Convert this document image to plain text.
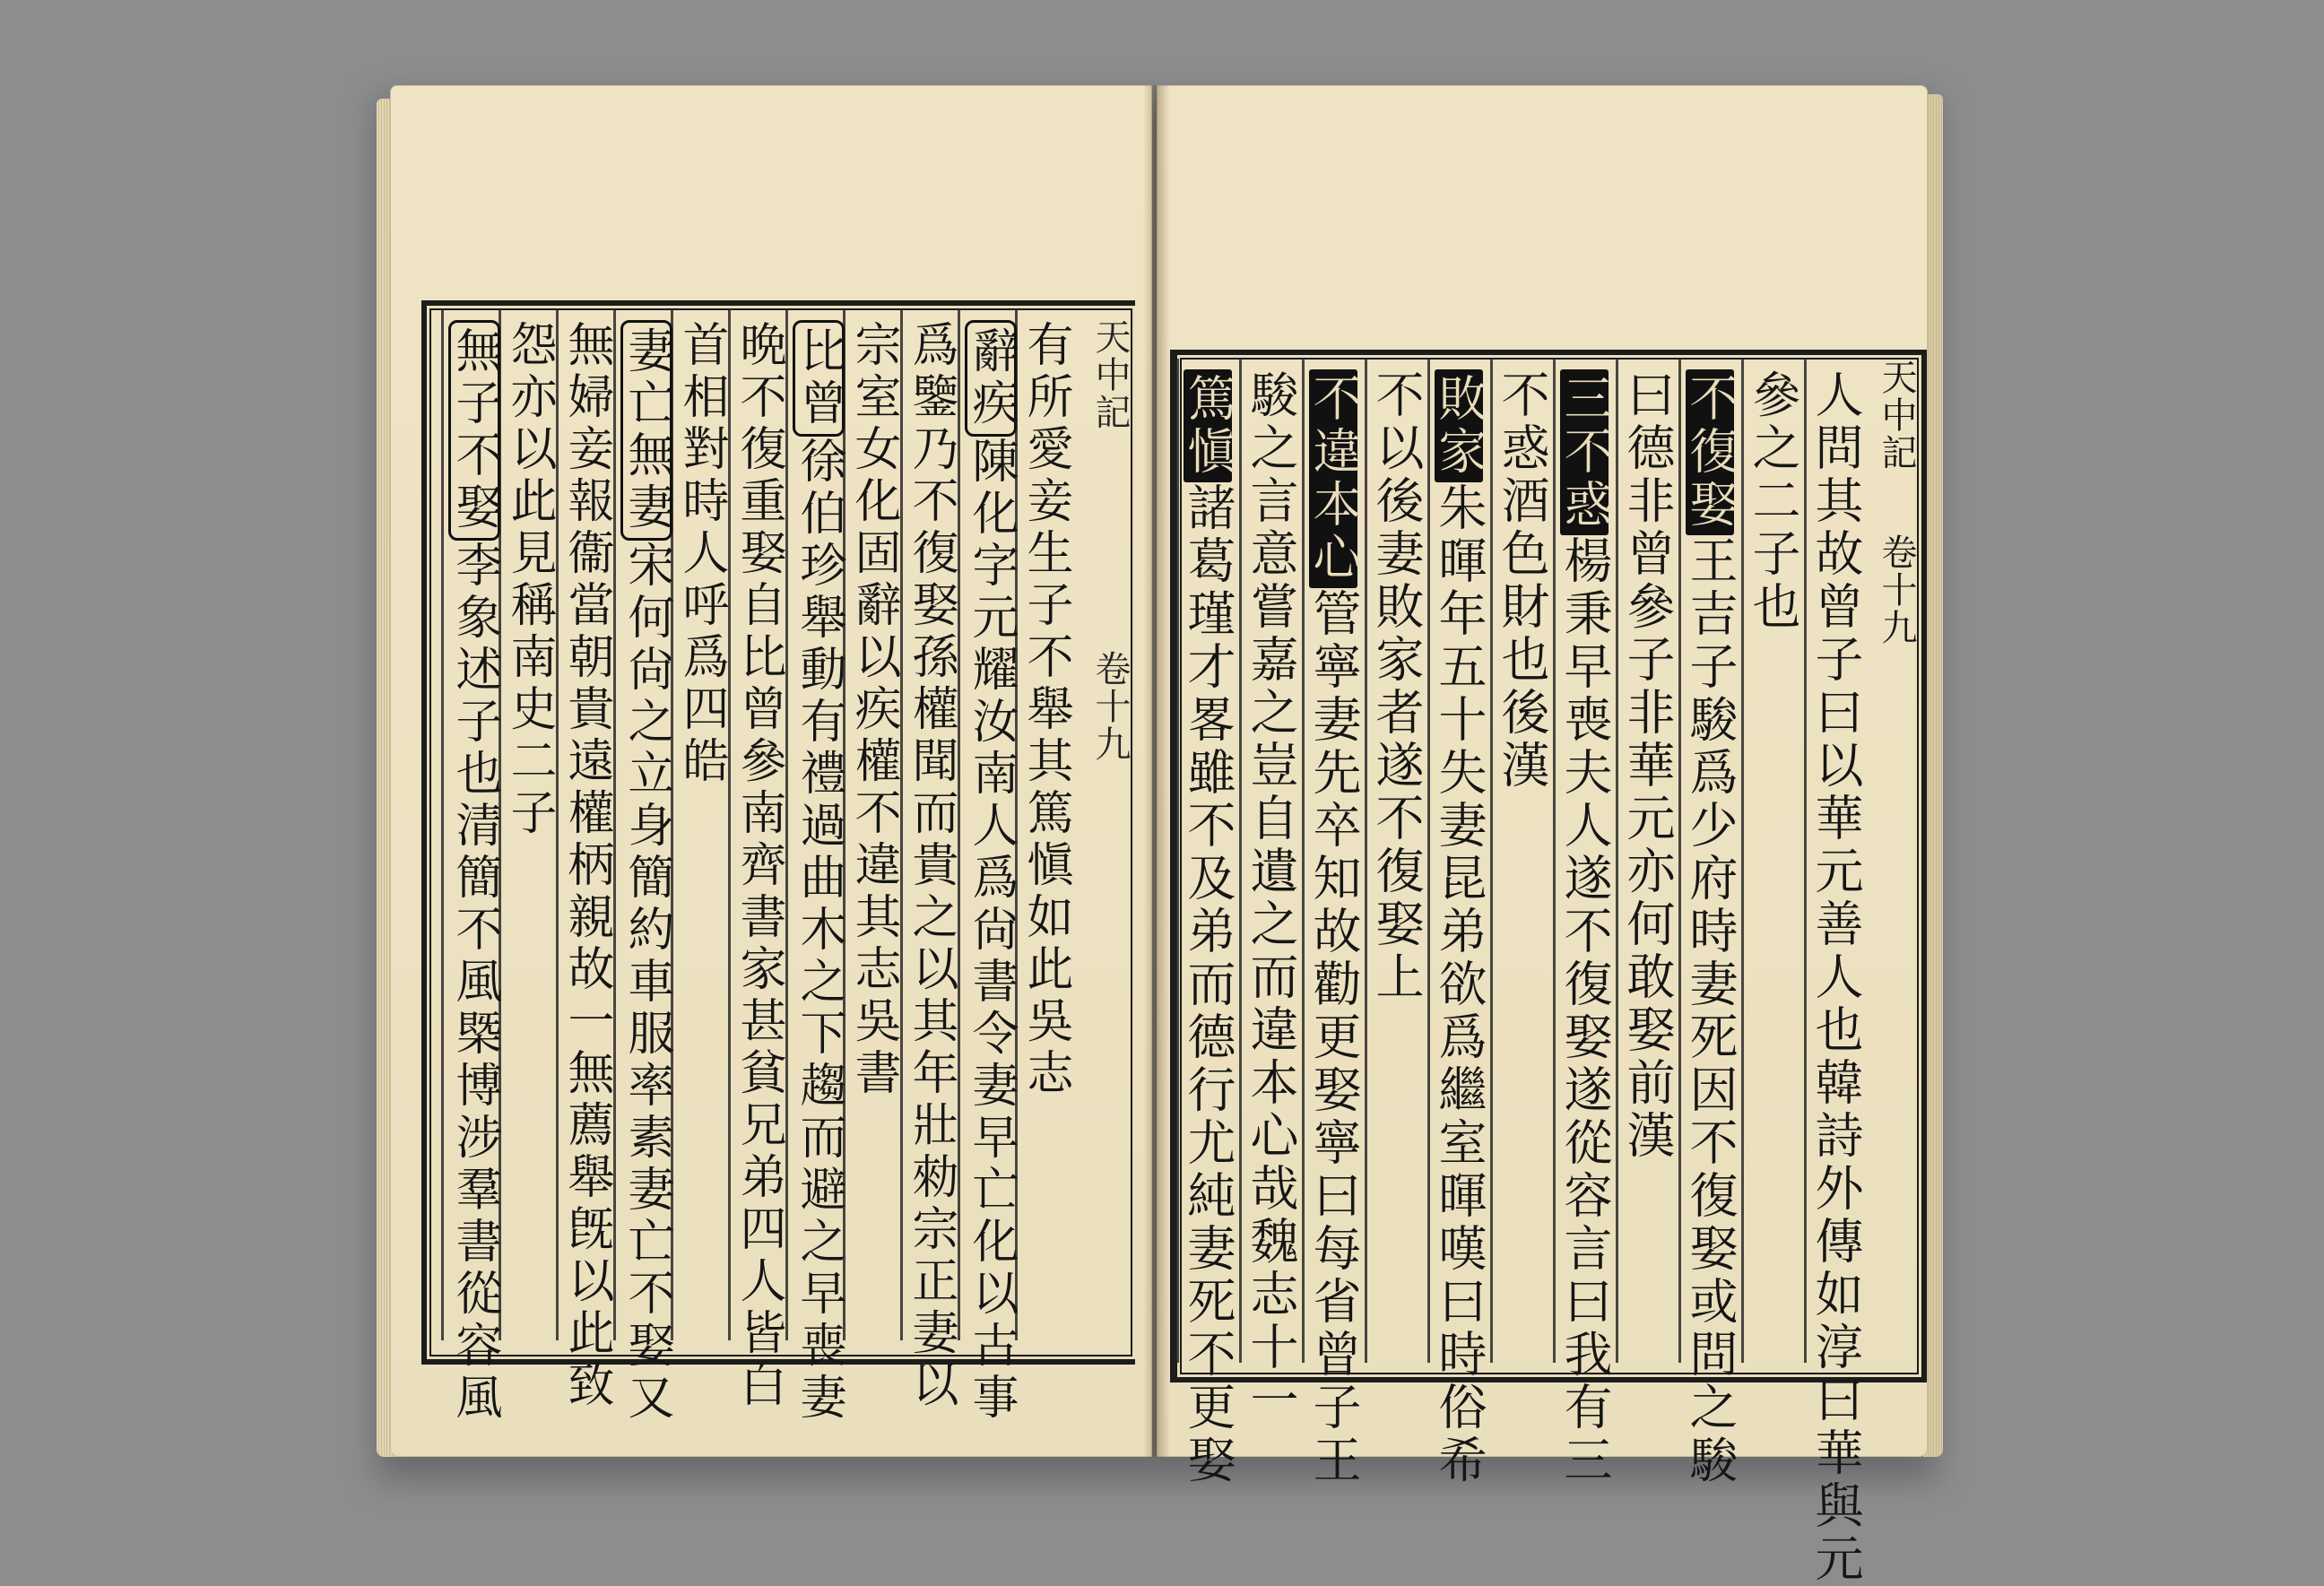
有所愛妾生子不舉其篤愼如此吳志
辭疾陳化字元耀汝南人爲尙書令妻早亡化以古事
爲鑒乃不復娶孫權聞而貴之以其年壯勑宗正妻以
宗室女化固辭以疾權不違其志吳書
比曾徐伯珍舉動有禮過曲木之下趨而避之早喪妻
晩不復重娶自比曾參南齊書家甚貧兄弟四人皆白
首相對時人呼爲四皓
妻亡無妻宋何尙之立身簡約車服率素妻亡不娶又
無婦妾報衞當朝貴遠權柄親故一無薦舉旣以此致
怨亦以此見稱南史二子
無子不娶李象述子也清簡不風槩博涉羣書從容風
天中記
卷十九	人問其故曾子曰以華元善人也韓詩外傳如淳曰華與元
參之二子也
不復娶王吉子駿爲少府時妻死因不復娶或問之駿
曰德非曾參子非華元亦何敢娶前漢
三不惑楊秉早喪夫人遂不復娶遂從容言曰我有三
不惑酒色財也後漢
敗家朱暉年五十失妻昆弟欲爲繼室暉嘆曰時俗希
不以後妻敗家者遂不復娶上
不違本心管寧妻先卒知故勸更娶寧曰每省曾子王
駿之言意嘗嘉之豈自遺之而違本心哉魏志十一
篤愼諸葛瑾才畧雖不及弟而德行尤純妻死不更娶
天中記
卷十九
